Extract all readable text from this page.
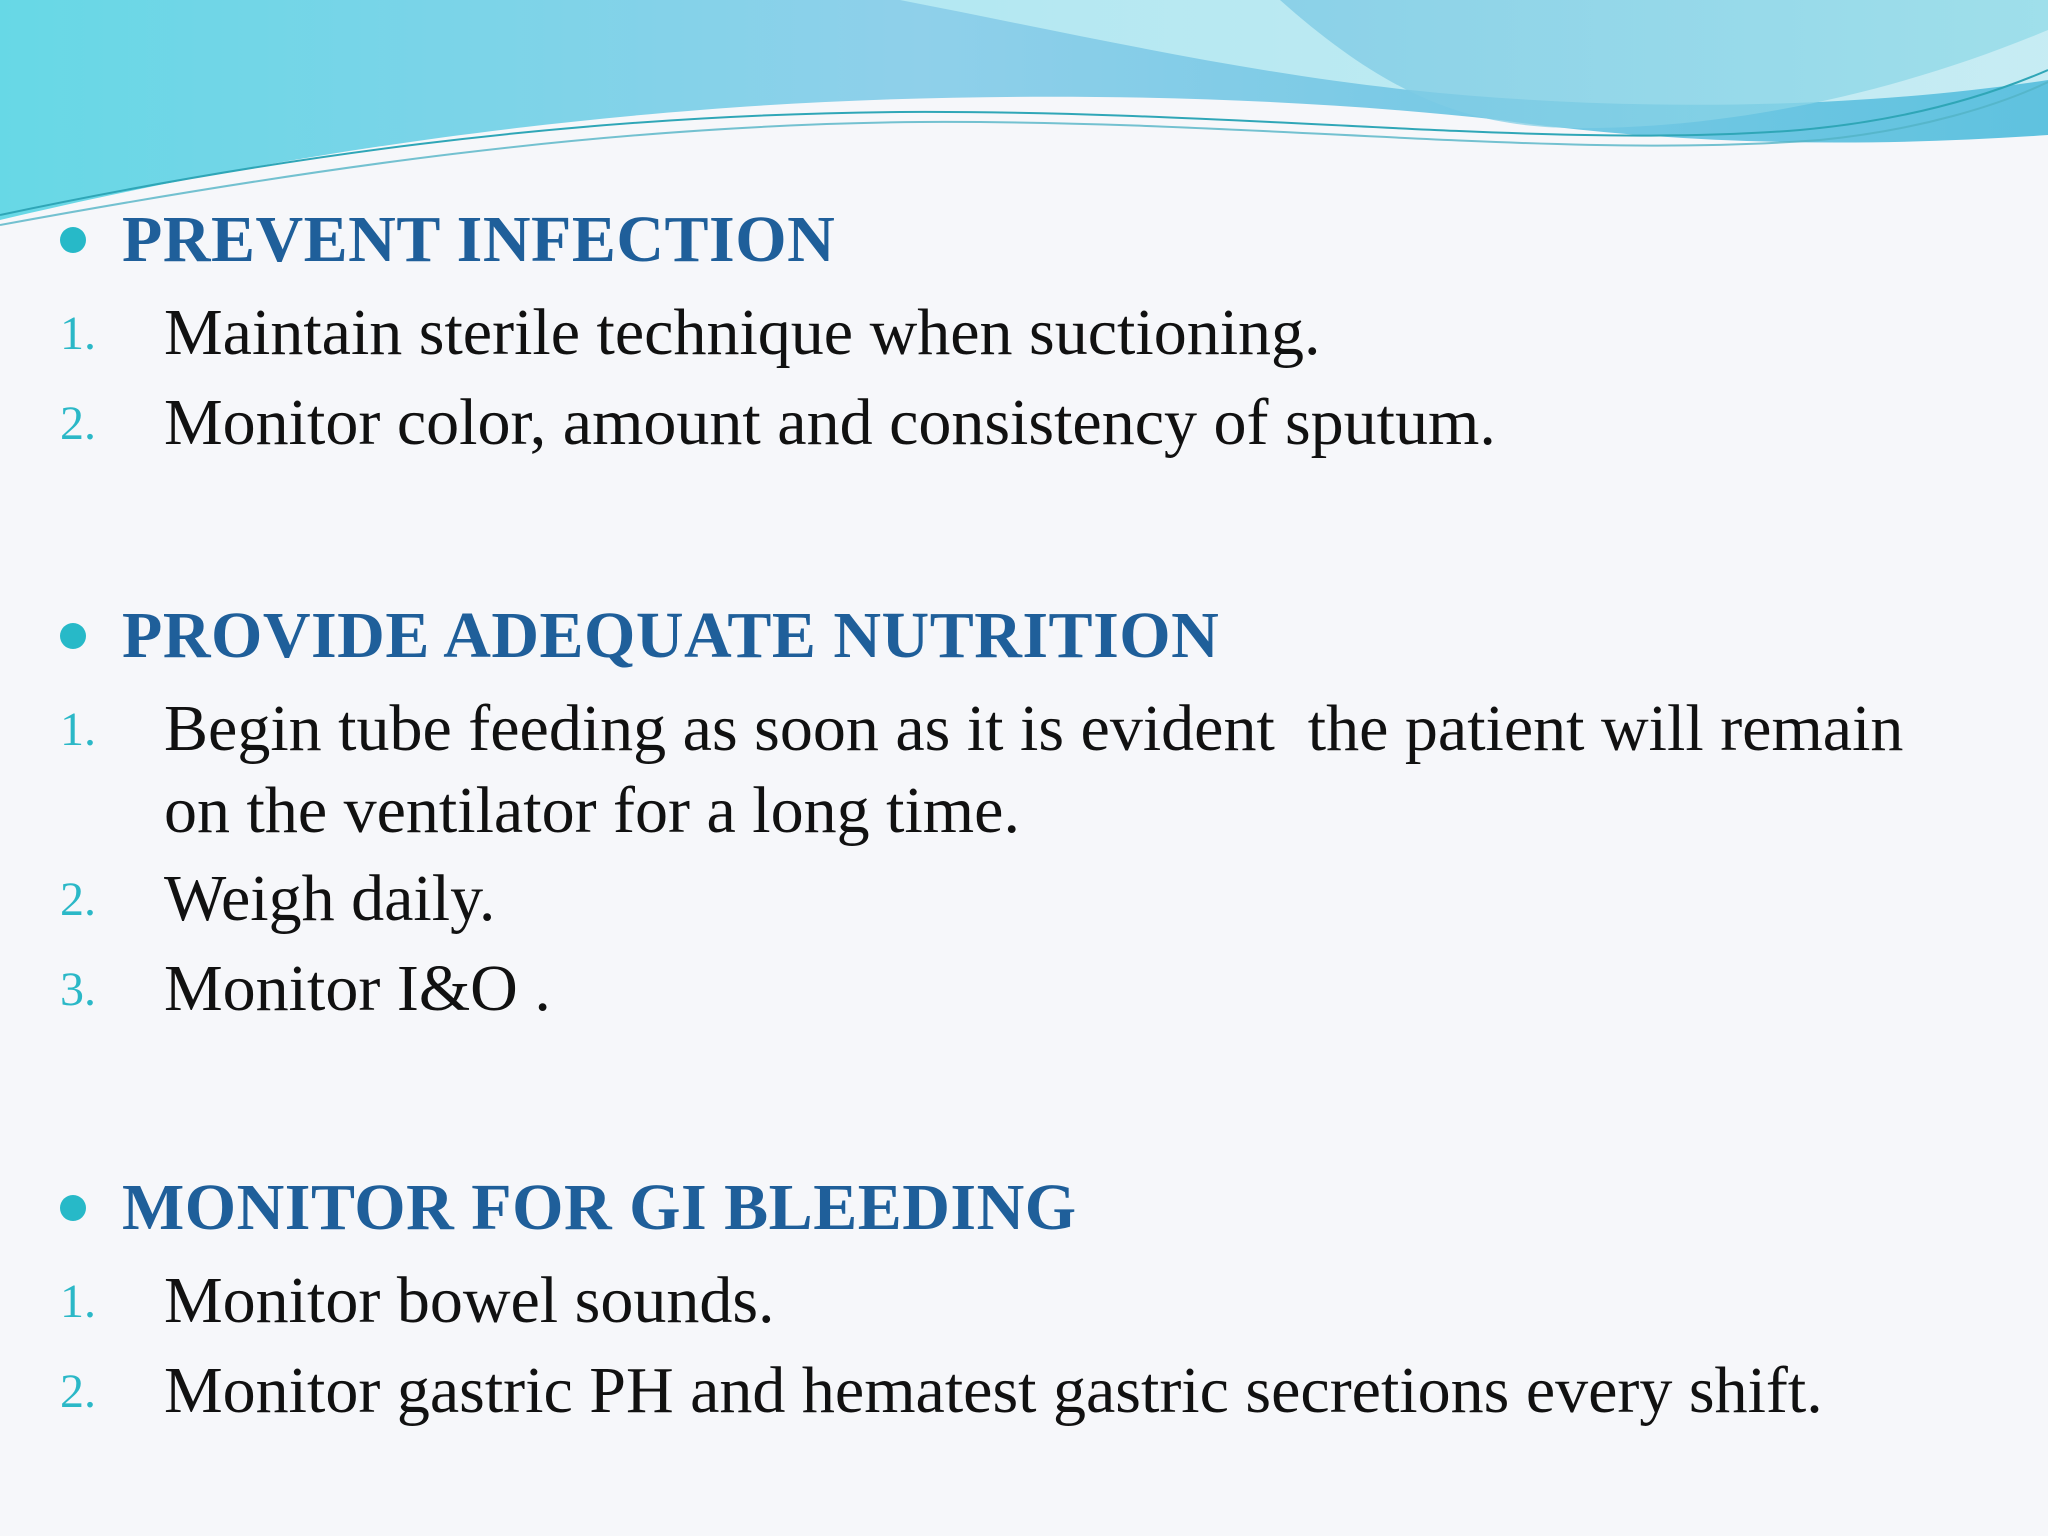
PREVENT INFECTION
1.	Maintain sterile technique when suctioning.
2.	Monitor color, amount and consistency of sputum.
PROVIDE ADEQUATE NUTRITION
1.	Begin tube feeding as soon as it is evident  the patient will remain on the ventilator for a long time.
2.	Weigh daily.
3.	Monitor I&O .
MONITOR FOR GI BLEEDING
1.	Monitor bowel sounds.
2.	Monitor gastric PH and hematest gastric secretions every shift.
